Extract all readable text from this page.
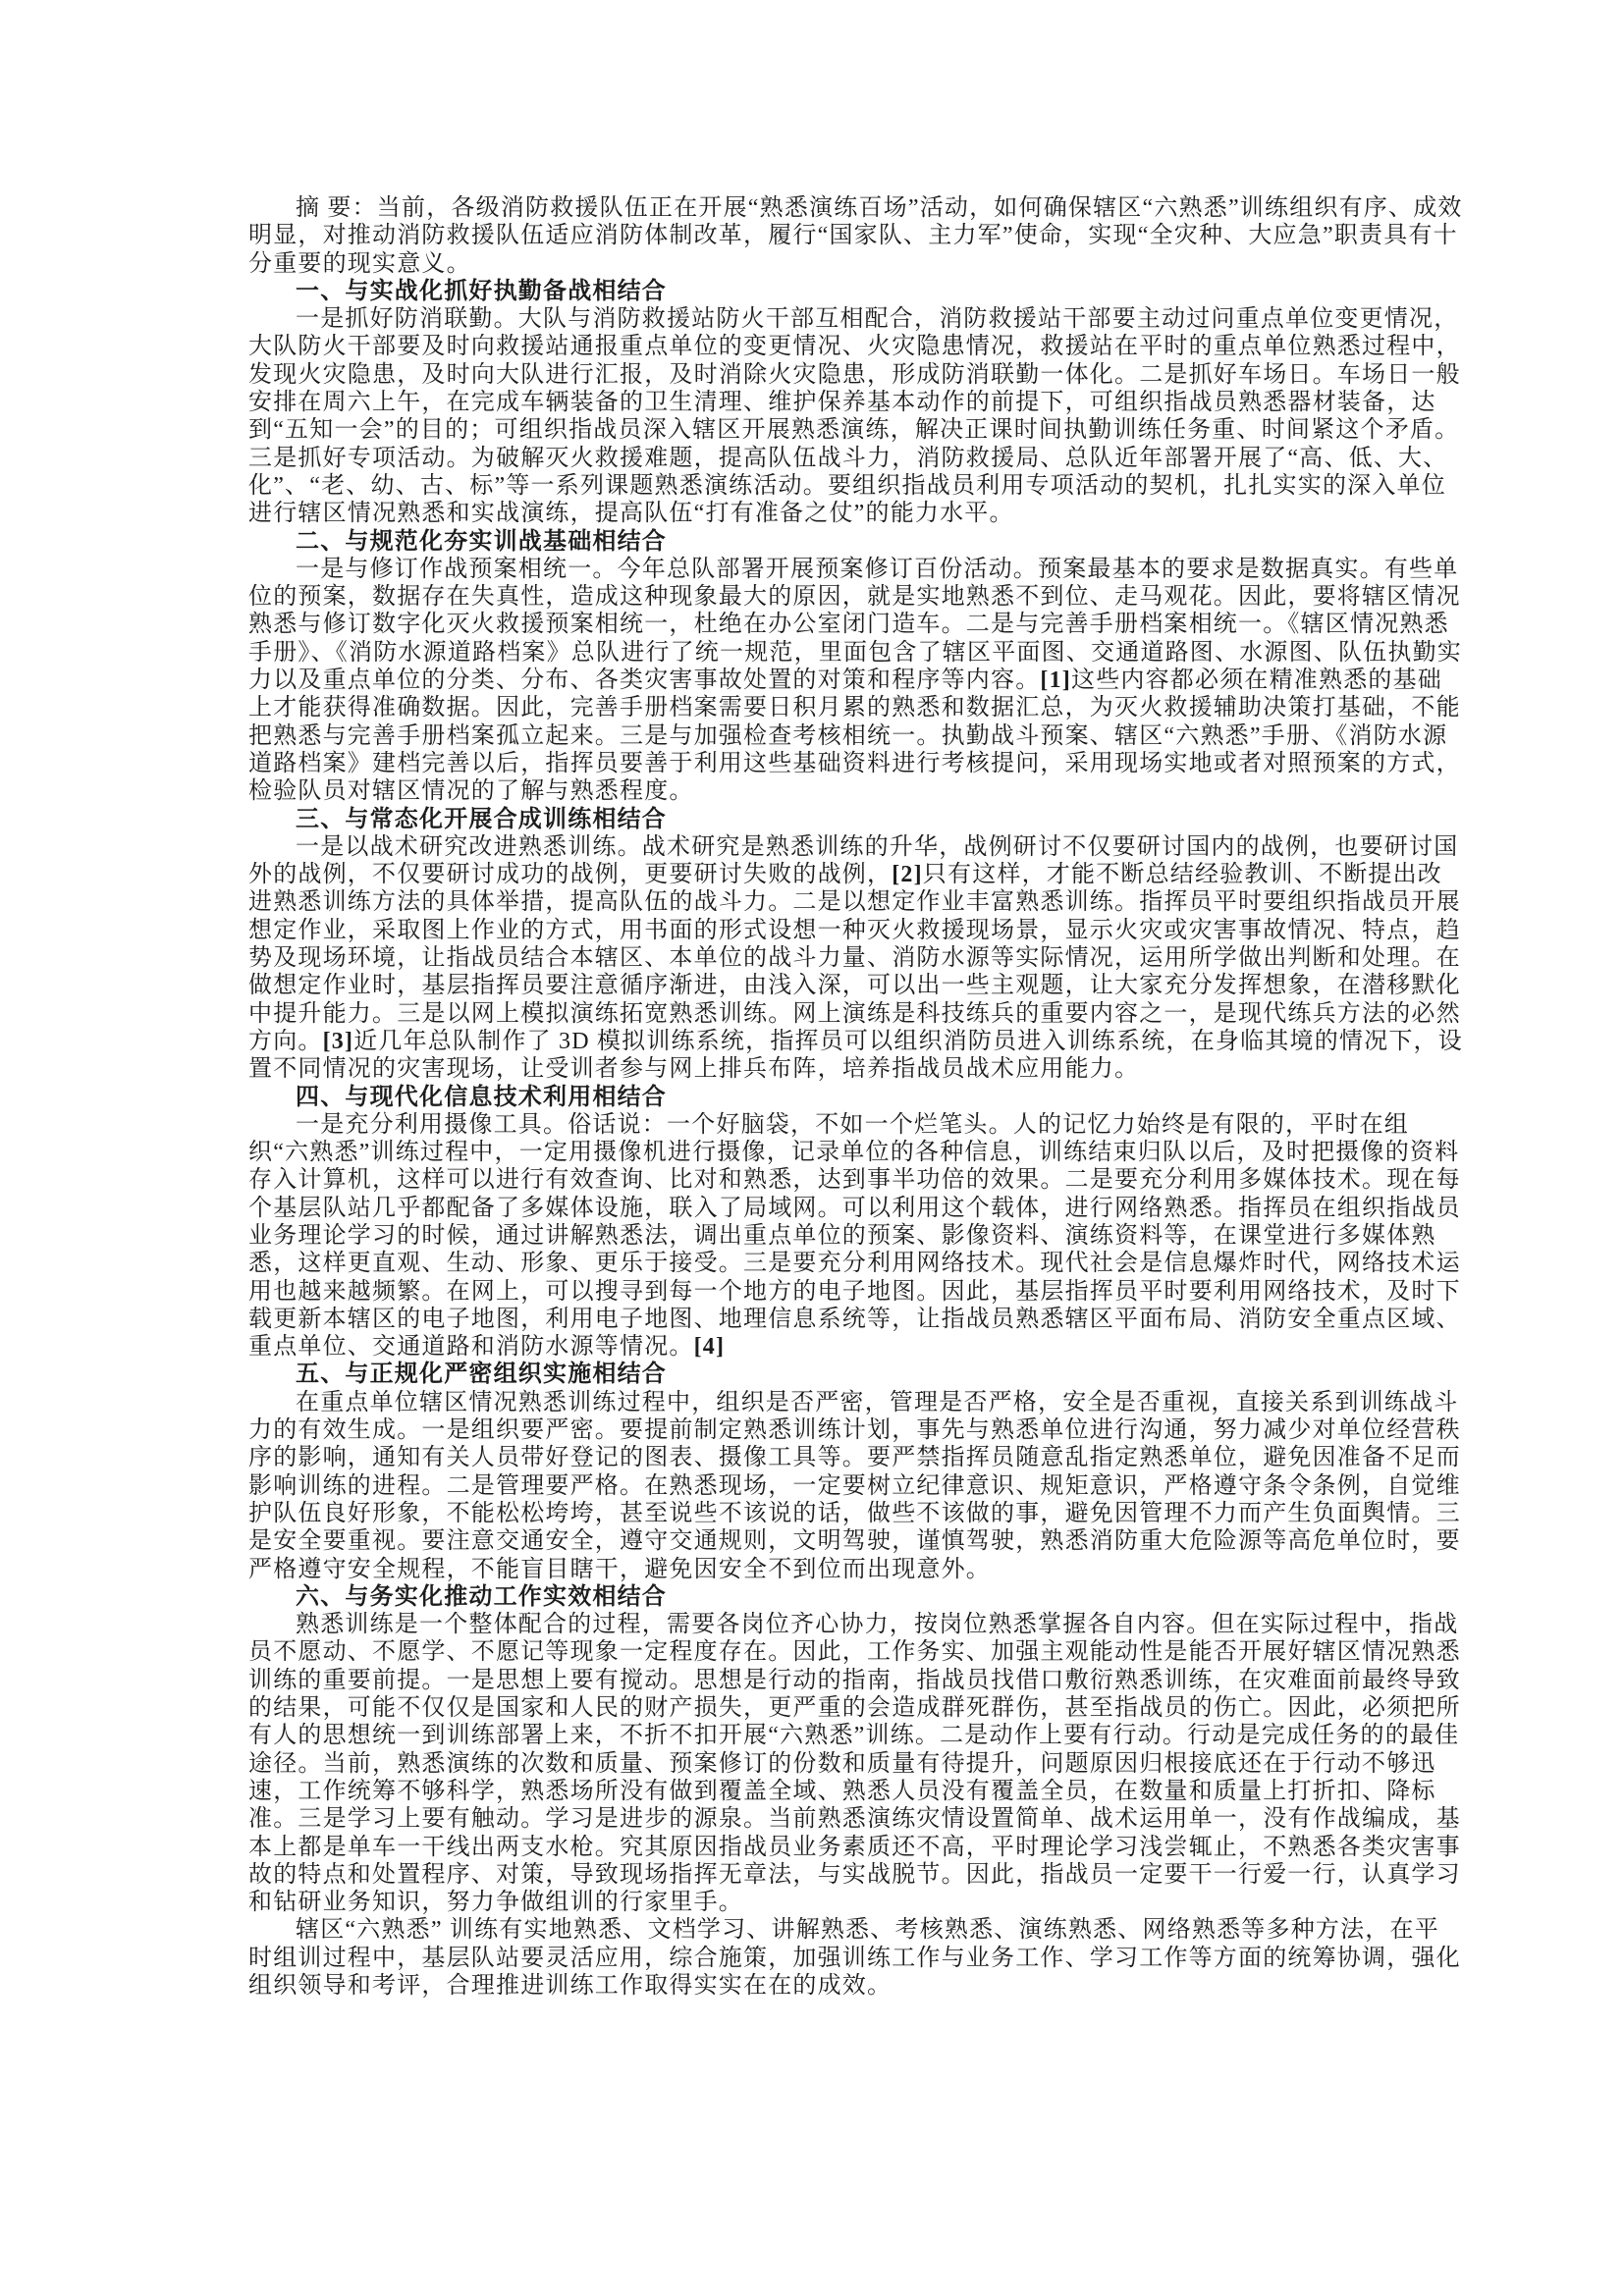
摘 要：当前，各级消防救援队伍正在开展“熟悉演练百场”活动，如何确保辖区“六熟悉”训练组织有序、成效明显，对推动消防救援队伍适应消防体制改革，履行“国家队、主力军”使命，实现“全灾种、大应急”职责具有十分重要的现实意义。

一、与实战化抓好执勤备战相结合

一是抓好防消联勤。大队与消防救援站防火干部互相配合，消防救援站干部要主动过问重点单位变更情况，大队防火干部要及时向救援站通报重点单位的变更情况、火灾隐患情况，救援站在平时的重点单位熟悉过程中，发现火灾隐患，及时向大队进行汇报，及时消除火灾隐患，形成防消联勤一体化。二是抓好车场日。车场日一般安排在周六上午，在完成车辆装备的卫生清理、维护保养基本动作的前提下，可组织指战员熟悉器材装备，达到“五知一会”的目的；可组织指战员深入辖区开展熟悉演练，解决正课时间执勤训练任务重、时间紧这个矛盾。三是抓好专项活动。为破解灭火救援难题，提高队伍战斗力，消防救援局、总队近年部署开展了“高、低、大、化”、“老、幼、古、标”等一系列课题熟悉演练活动。要组织指战员利用专项活动的契机，扎扎实实的深入单位进行辖区情况熟悉和实战演练，提高队伍“打有准备之仗”的能力水平。

二、与规范化夯实训战基础相结合

一是与修订作战预案相统一。今年总队部署开展预案修订百份活动。预案最基本的要求是数据真实。有些单位的预案，数据存在失真性，造成这种现象最大的原因，就是实地熟悉不到位、走马观花。因此，要将辖区情况熟悉与修订数字化灭火救援预案相统一，杜绝在办公室闭门造车。二是与完善手册档案相统一。《辖区情况熟悉手册》、《消防水源道路档案》总队进行了统一规范，里面包含了辖区平面图、交通道路图、水源图、队伍执勤实力以及重点单位的分类、分布、各类灾害事故处置的对策和程序等内容。[1]这些内容都必须在精准熟悉的基础上才能获得准确数据。因此，完善手册档案需要日积月累的熟悉和数据汇总，为灭火救援辅助决策打基础，不能把熟悉与完善手册档案孤立起来。三是与加强检查考核相统一。执勤战斗预案、辖区“六熟悉”手册、《消防水源道路档案》建档完善以后，指挥员要善于利用这些基础资料进行考核提问，采用现场实地或者对照预案的方式，检验队员对辖区情况的了解与熟悉程度。

三、与常态化开展合成训练相结合

一是以战术研究改进熟悉训练。战术研究是熟悉训练的升华，战例研讨不仅要研讨国内的战例，也要研讨国外的战例，不仅要研讨成功的战例，更要研讨失败的战例，[2]只有这样，才能不断总结经验教训、不断提出改进熟悉训练方法的具体举措，提高队伍的战斗力。二是以想定作业丰富熟悉训练。指挥员平时要组织指战员开展想定作业，采取图上作业的方式，用书面的形式设想一种灭火救援现场景，显示火灾或灾害事故情况、特点，趋势及现场环境，让指战员结合本辖区、本单位的战斗力量、消防水源等实际情况，运用所学做出判断和处理。在做想定作业时，基层指挥员要注意循序渐进，由浅入深，可以出一些主观题，让大家充分发挥想象，在潜移默化中提升能力。三是以网上模拟演练拓宽熟悉训练。网上演练是科技练兵的重要内容之一，是现代练兵方法的必然方向。[3]近几年总队制作了 3D 模拟训练系统，指挥员可以组织消防员进入训练系统，在身临其境的情况下，设置不同情况的灾害现场，让受训者参与网上排兵布阵，培养指战员战术应用能力。

四、与现代化信息技术利用相结合

一是充分利用摄像工具。俗话说：一个好脑袋，不如一个烂笔头。人的记忆力始终是有限的，平时在组织“六熟悉”训练过程中，一定用摄像机进行摄像，记录单位的各种信息，训练结束归队以后，及时把摄像的资料存入计算机，这样可以进行有效查询、比对和熟悉，达到事半功倍的效果。二是要充分利用多媒体技术。现在每个基层队站几乎都配备了多媒体设施，联入了局域网。可以利用这个载体，进行网络熟悉。指挥员在组织指战员业务理论学习的时候，通过讲解熟悉法，调出重点单位的预案、影像资料、演练资料等，在课堂进行多媒体熟悉，这样更直观、生动、形象、更乐于接受。三是要充分利用网络技术。现代社会是信息爆炸时代，网络技术运用也越来越频繁。在网上，可以搜寻到每一个地方的电子地图。因此，基层指挥员平时要利用网络技术，及时下载更新本辖区的电子地图，利用电子地图、地理信息系统等，让指战员熟悉辖区平面布局、消防安全重点区域、重点单位、交通道路和消防水源等情况。[4]

五、与正规化严密组织实施相结合

在重点单位辖区情况熟悉训练过程中，组织是否严密，管理是否严格，安全是否重视，直接关系到训练战斗力的有效生成。一是组织要严密。要提前制定熟悉训练计划，事先与熟悉单位进行沟通，努力减少对单位经营秩序的影响，通知有关人员带好登记的图表、摄像工具等。要严禁指挥员随意乱指定熟悉单位，避免因准备不足而影响训练的进程。二是管理要严格。在熟悉现场，一定要树立纪律意识、规矩意识，严格遵守条令条例，自觉维护队伍良好形象，不能松松垮垮，甚至说些不该说的话，做些不该做的事，避免因管理不力而产生负面舆情。三是安全要重视。要注意交通安全，遵守交通规则，文明驾驶，谨慎驾驶，熟悉消防重大危险源等高危单位时，要严格遵守安全规程，不能盲目瞎干，避免因安全不到位而出现意外。

六、与务实化推动工作实效相结合

熟悉训练是一个整体配合的过程，需要各岗位齐心协力，按岗位熟悉掌握各自内容。但在实际过程中，指战员不愿动、不愿学、不愿记等现象一定程度存在。因此，工作务实、加强主观能动性是能否开展好辖区情况熟悉训练的重要前提。一是思想上要有搅动。思想是行动的指南，指战员找借口敷衍熟悉训练，在灾难面前最终导致的结果，可能不仅仅是国家和人民的财产损失，更严重的会造成群死群伤，甚至指战员的伤亡。因此，必须把所有人的思想统一到训练部署上来，不折不扣开展“六熟悉”训练。二是动作上要有行动。行动是完成任务的的最佳途径。当前，熟悉演练的次数和质量、预案修订的份数和质量有待提升，问题原因归根接底还在于行动不够迅速，工作统筹不够科学，熟悉场所没有做到覆盖全域、熟悉人员没有覆盖全员，在数量和质量上打折扣、降标准。三是学习上要有触动。学习是进步的源泉。当前熟悉演练灾情设置简单、战术运用单一，没有作战编成，基本上都是单车一干线出两支水枪。究其原因指战员业务素质还不高，平时理论学习浅尝辄止，不熟悉各类灾害事故的特点和处置程序、对策，导致现场指挥无章法，与实战脱节。因此，指战员一定要干一行爱一行，认真学习和钻研业务知识，努力争做组训的行家里手。

辖区“六熟悉” 训练有实地熟悉、文档学习、讲解熟悉、考核熟悉、演练熟悉、网络熟悉等多种方法，在平时组训过程中，基层队站要灵活应用，综合施策，加强训练工作与业务工作、学习工作等方面的统筹协调，强化组织领导和考评，合理推进训练工作取得实实在在的成效。
